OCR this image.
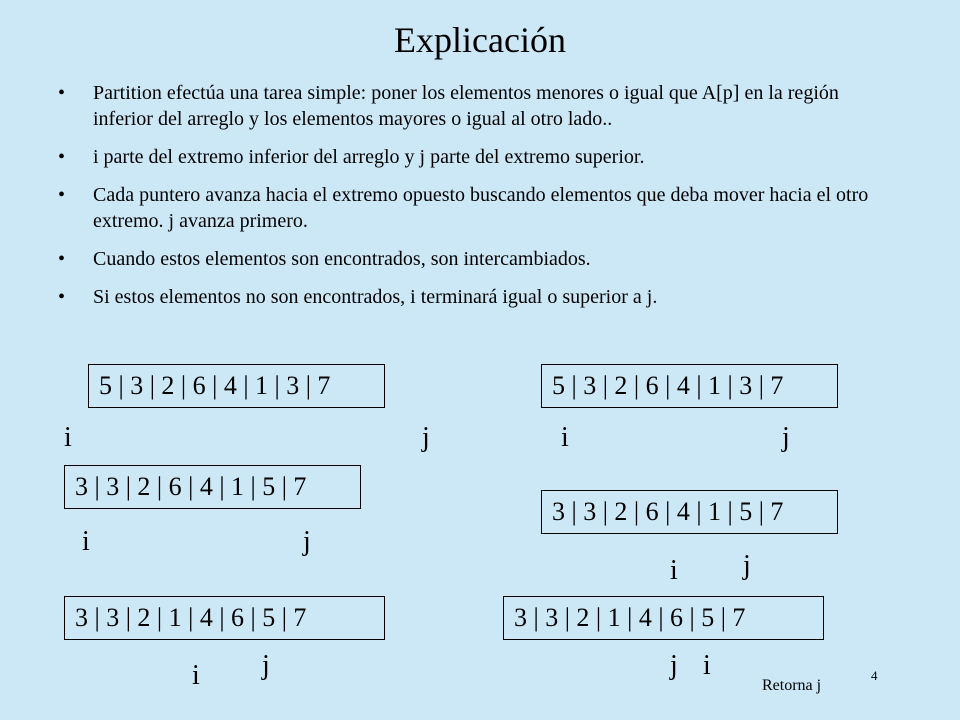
Explicación
• Partition efectúa una tarea simple: poner los elementos menores o igual que A[p] en la región inferior del arreglo y los elementos mayores o igual al otro lado..
• i parte del extremo inferior del arreglo y j parte del extremo superior.
• Cada puntero avanza hacia el extremo opuesto buscando elementos que deba mover hacia el otro extremo. j avanza primero.
• Cuando estos elementos son encontrados, son intercambiados.
• Si estos elementos no son encontrados, i terminará igual o superior a j.
5 | 3 | 2 | 6 | 4 | 1 | 3 | 7
i	j
5 | 3 | 2 | 6 | 4 | 1 | 3 | 7
i	j
3 | 3 | 2 | 6 | 4 | 1 | 5 | 7
i	j
3 | 3 | 2 | 6 | 4 | 1 | 5 | 7
i j
3 | 3 | 2 | 1 | 4 | 6 | 5 | 7
i j
3 | 3 | 2 | 1 | 4 | 6 | 5 | 7
j i
Retorna j
4
